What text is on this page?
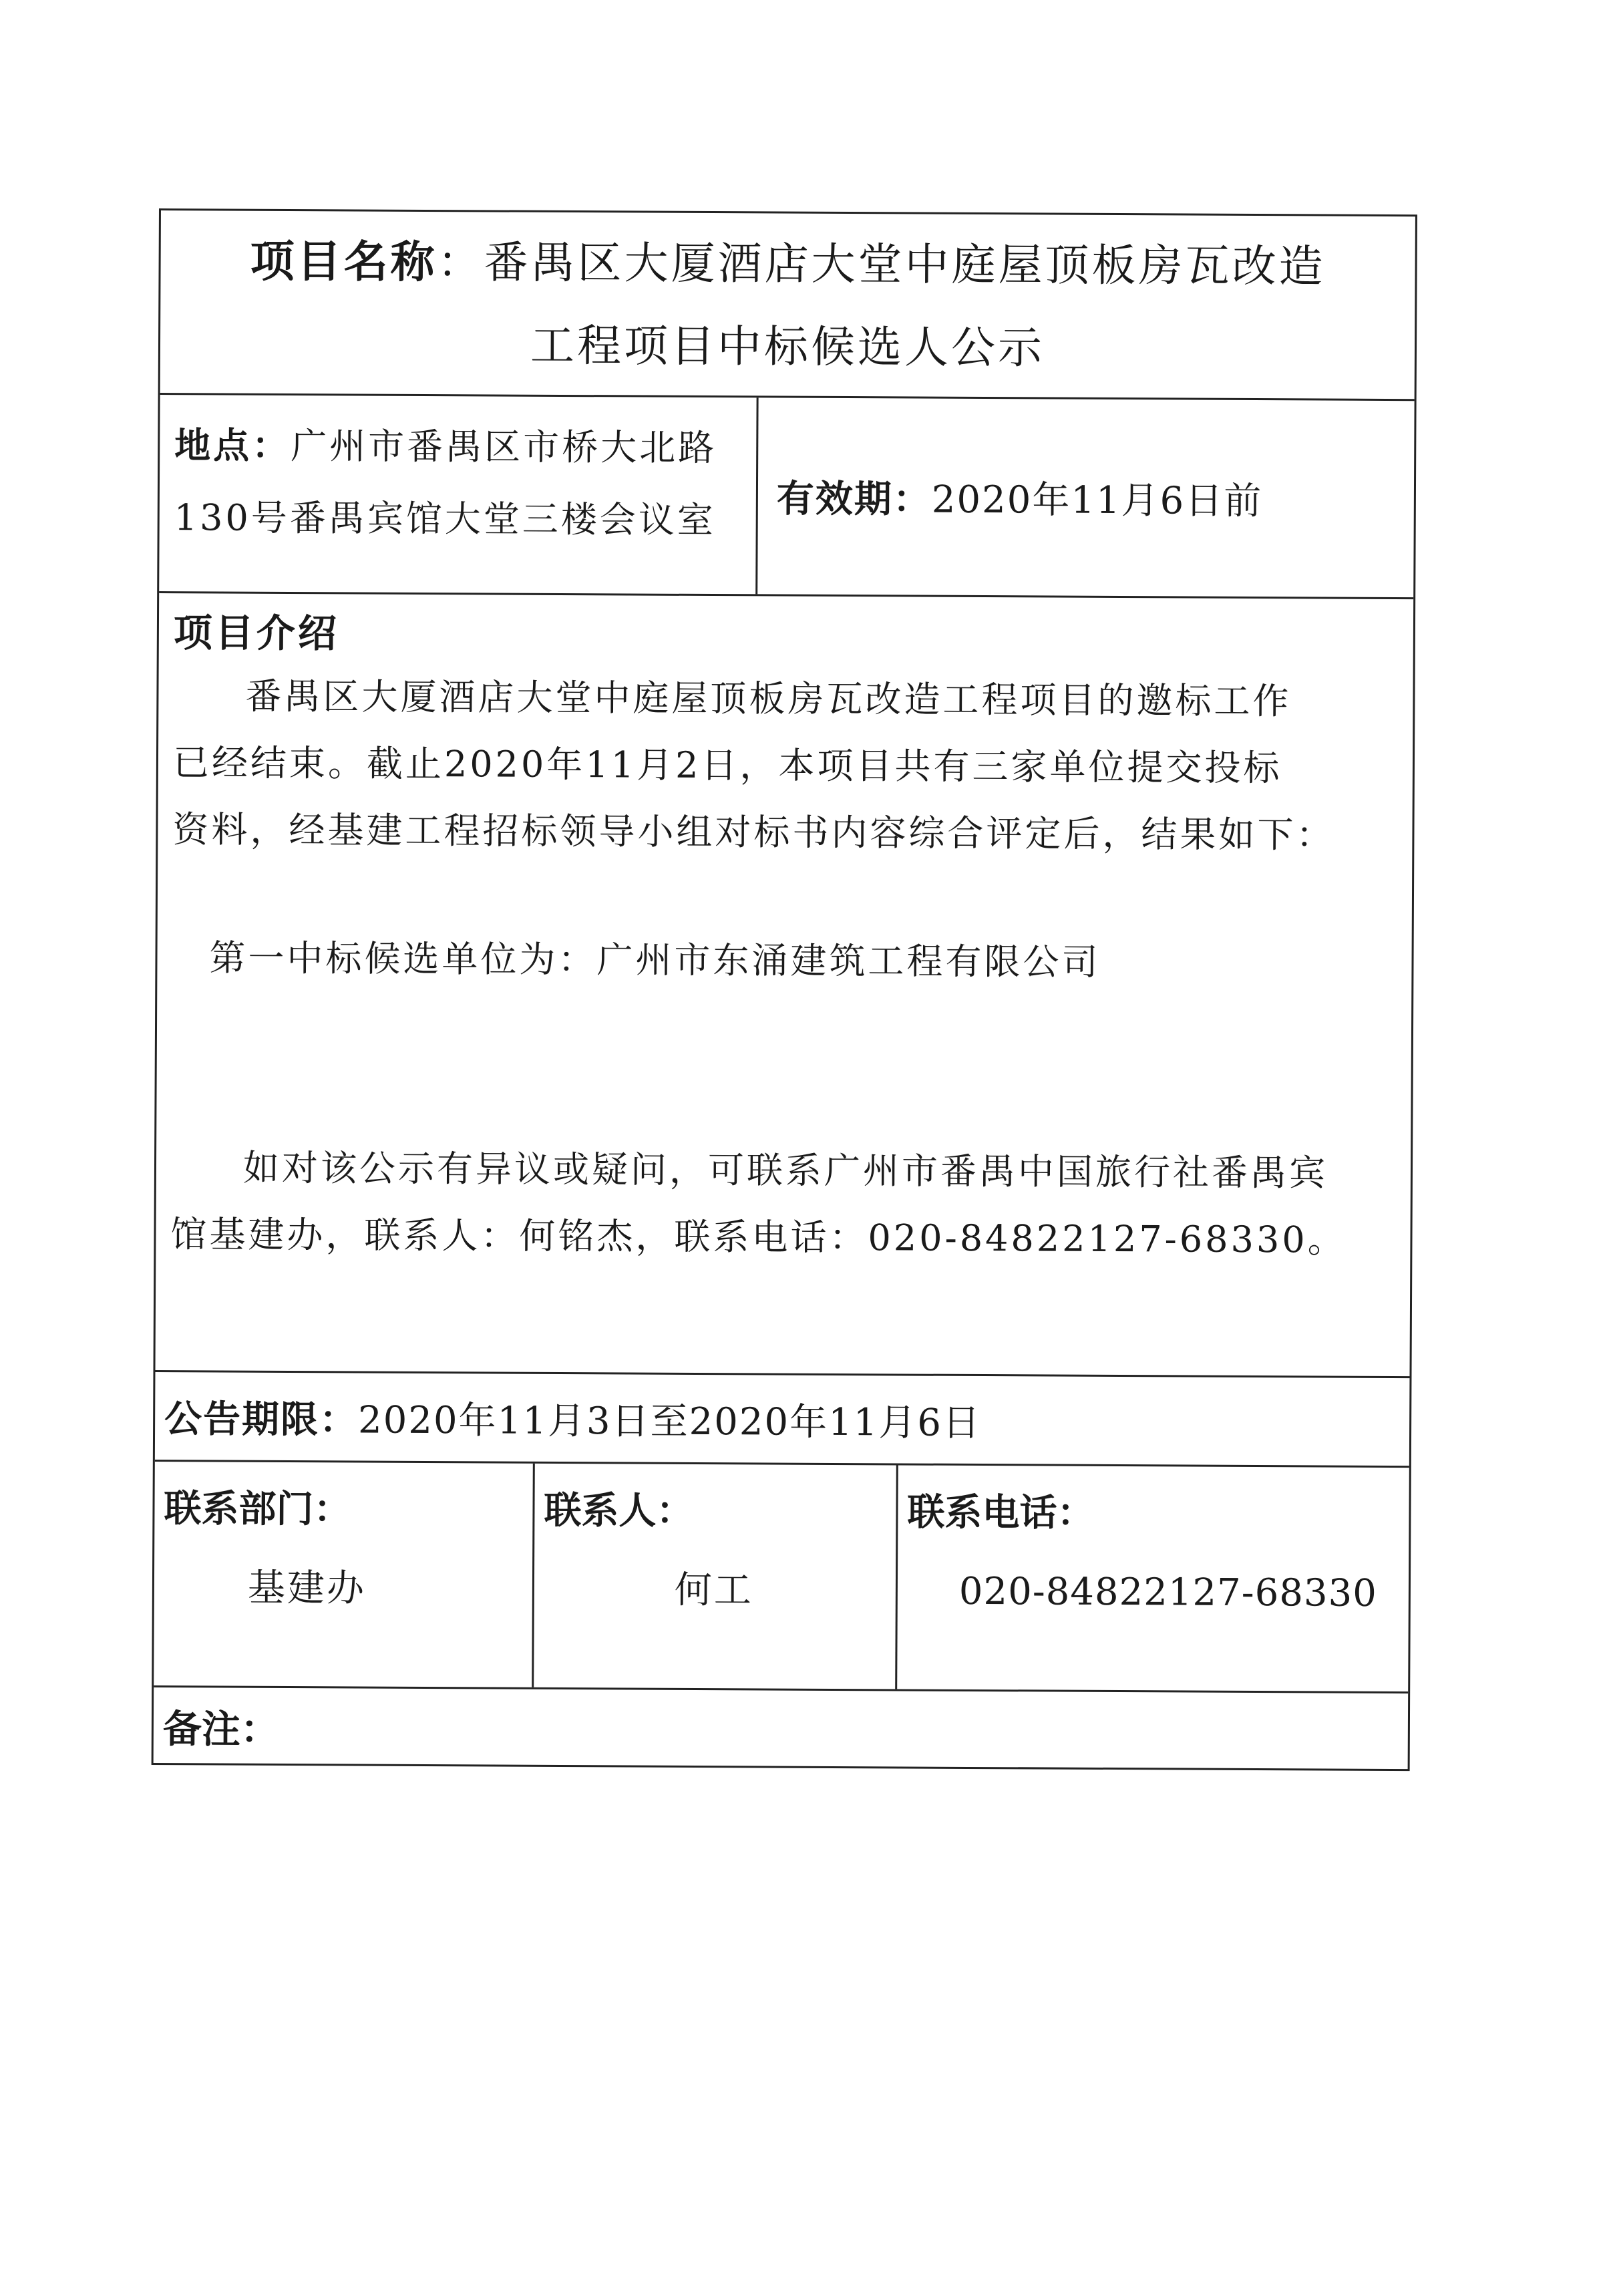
项目名称：番禺区大厦酒店大堂中庭屋顶板房瓦改造
工程项目中标候选人公示
地点：广州市番禺区市桥大北路
130号番禺宾馆大堂三楼会议室	有效期 ： 2020年11月6日前
项目介绍
番禺区大厦酒店大堂中庭屋顶板房瓦改造工程项目的邀标工作
已经结束。截止2020年11月2日，本项目共有三家单位提交投标
资料，经基建工程招标领导小组对标书内容综合评定后，结果如下：
第一中标候选单位为：广州市东涌建筑工程有限公司
如对该公示有异议或疑问，可联系广州市番禺中国旅行社番禺宾
馆基建办，联系人：何铭杰，联系电话：020-84822127-68330。
公告期限 ： 2020年11月3日至2020年11月6日
联系部门：
基建办
联系人：
何工
联系电话：
020-84822127-68330
备注：
